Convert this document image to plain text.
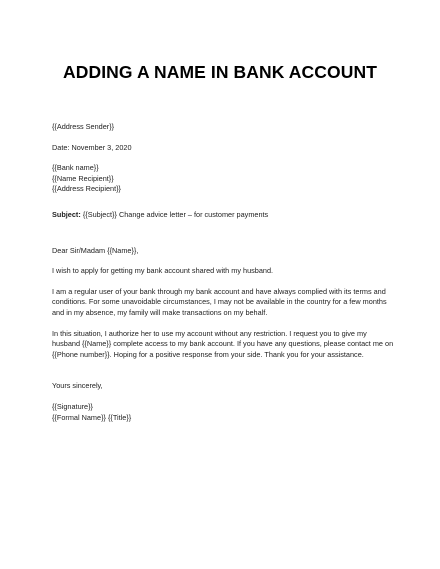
ADDING A NAME IN BANK ACCOUNT
{{Address Sender}}
Date: November 3, 2020
{{Bank name}}
{{Name Recipient}}
{{Address Recipient}}
Subject: {{Subject}} Change advice letter – for customer payments
Dear Sir/Madam {{Name}},
I wish to apply for getting my bank account shared with my husband.
I am a regular user of your bank through my bank account and have always complied with its terms and
conditions. For some unavoidable circumstances, I may not be available in the country for a few months
and in my absence, my family will make transactions on my behalf.
In this situation, I authorize her to use my account without any restriction. I request you to give my
husband {{Name}} complete access to my bank account. If you have any questions, please contact me on
{{Phone number}}. Hoping for a positive response from your side. Thank you for your assistance.
Yours sincerely,
{{Signature}}
{{Formal Name}} {{Title}}
